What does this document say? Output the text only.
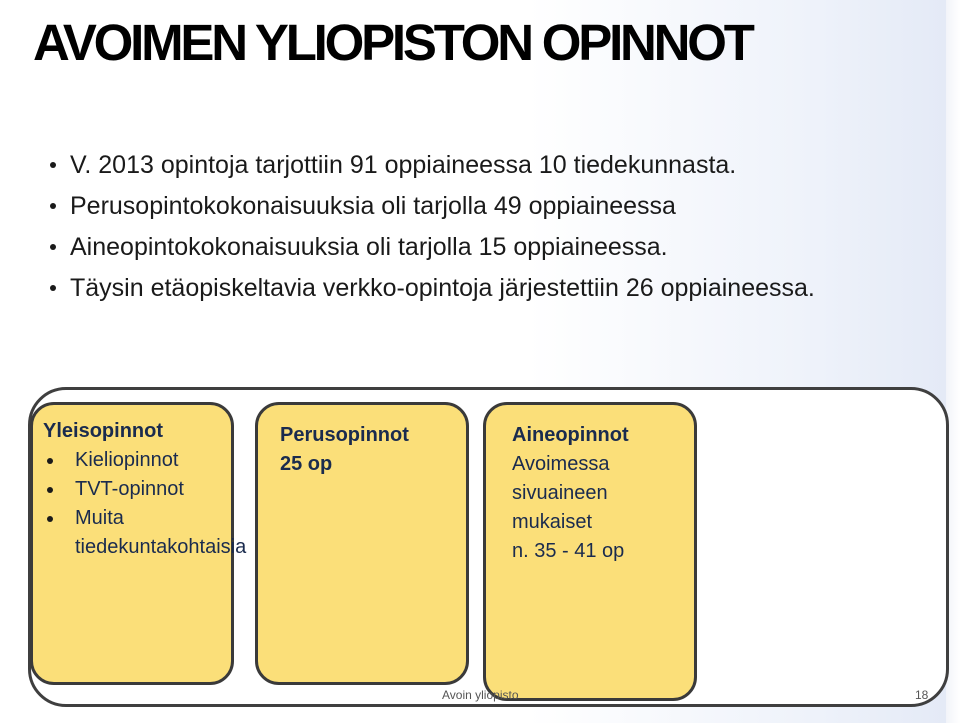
AVOIMEN YLIOPISTON OPINNOT
V. 2013 opintoja tarjottiin 91 oppiaineessa 10 tiedekunnasta.
Perusopintokokonaisuuksia oli tarjolla 49 oppiaineessa
Aineopintokokonaisuuksia oli tarjolla 15 oppiaineessa.
Täysin etäopiskeltavia verkko-opintoja järjestettiin 26 oppiaineessa.
Yleisopinnot
Kieliopinnot
TVT-opinnot
Muita tiedekuntakohtaisia
Perusopinnot
25 op
Aineopinnot
Avoimessa
sivuaineen
mukaiset
n. 35 - 41 op
Avoin yliopisto	18
